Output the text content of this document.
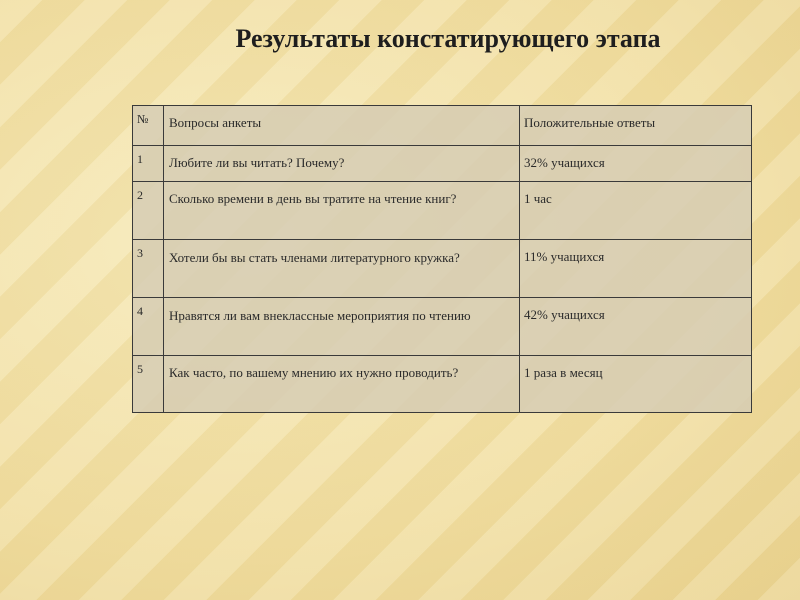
Результаты констатирующего этапа
№	Вопросы анкеты	Положительные ответы
1	Любите ли вы читать? Почему?	32% учащихся
2	Сколько времени в день вы тратите на чтение книг?	1 час
3	Хотели бы вы стать членами литературного кружка?	11% учащихся
4	Нравятся ли вам внеклассные мероприятия по чтению	42% учащихся
5	Как часто, по вашему мнению их нужно проводить?	1 раза в месяц
